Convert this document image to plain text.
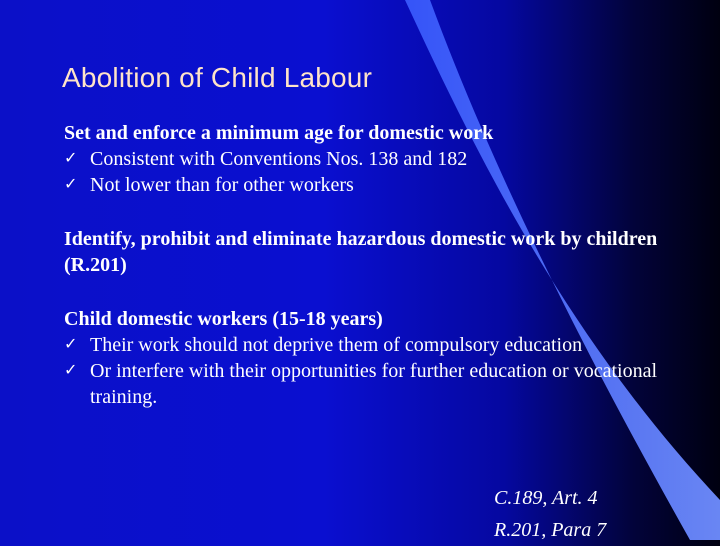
Abolition of Child Labour
Set and enforce a minimum age for domestic work
✓ Consistent with Conventions Nos. 138 and 182
✓ Not lower than for other workers
Identify, prohibit and eliminate hazardous domestic work by children (R.201)
Child domestic workers (15-18 years)
✓ Their work should not deprive them of compulsory education
✓ Or interfere with their opportunities for further education or vocational training.
C.189, Art. 4
R.201, Para 7
